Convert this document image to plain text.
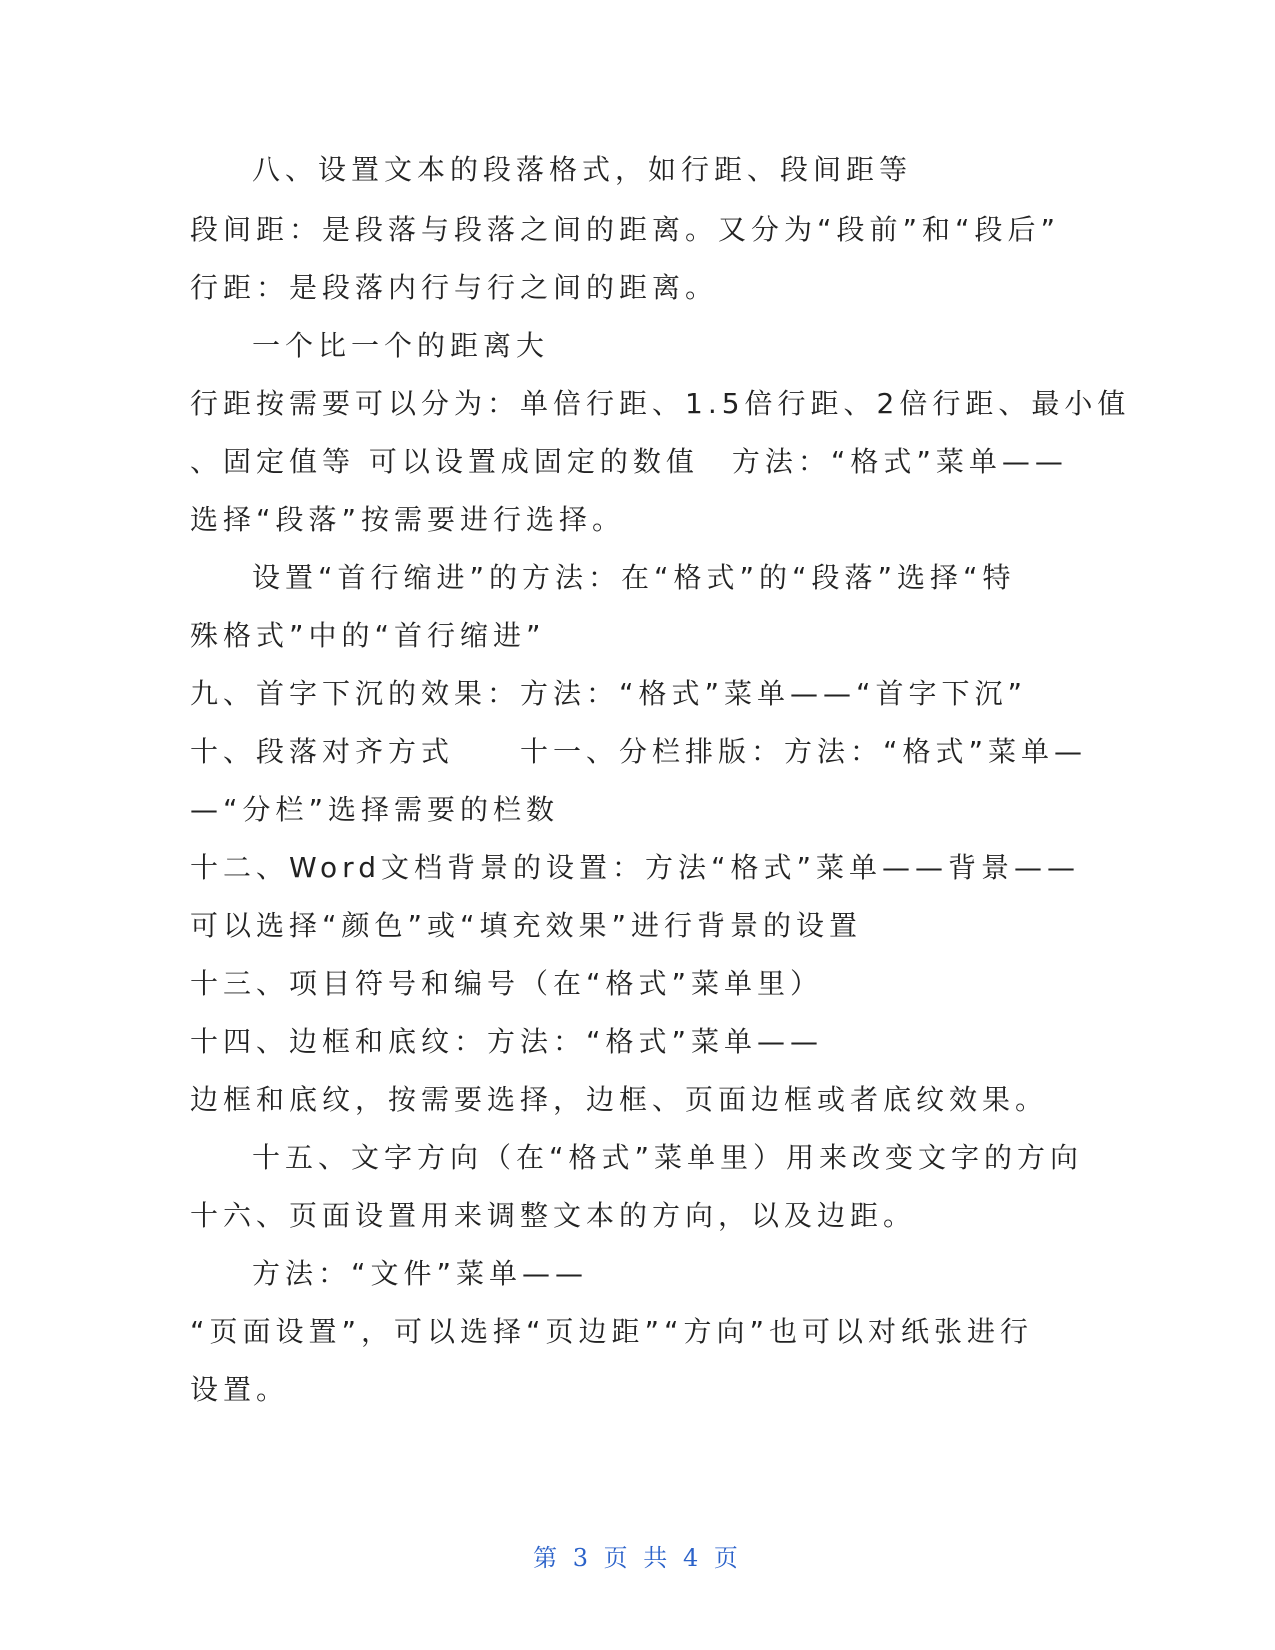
八、设置文本的段落格式，如行距、段间距等
段间距：是段落与段落之间的距离。又分为“段前”和“段后”
行距：是段落内行与行之间的距离。
一个比一个的距离大
行距按需要可以分为：单倍行距、1.5倍行距、2倍行距、最小值
、固定值等 可以设置成固定的数值　方法：“格式”菜单——
选择“段落”按需要进行选择。
设置“首行缩进”的方法：在“格式”的“段落”选择“特
殊格式”中的“首行缩进”
九、首字下沉的效果：方法：“格式”菜单——“首字下沉”
十、段落对齐方式　　十一、分栏排版：方法：“格式”菜单—
—“分栏”选择需要的栏数
十二、Word文档背景的设置：方法“格式”菜单——背景——
可以选择“颜色”或“填充效果”进行背景的设置
十三、项目符号和编号（在“格式”菜单里）
十四、边框和底纹：方法：“格式”菜单——
边框和底纹，按需要选择，边框、页面边框或者底纹效果。
十五、文字方向（在“格式”菜单里）用来改变文字的方向
十六、页面设置用来调整文本的方向，以及边距。
方法：“文件”菜单——
“页面设置”，可以选择“页边距”“方向”也可以对纸张进行
设置。
第 3 页 共 4 页
